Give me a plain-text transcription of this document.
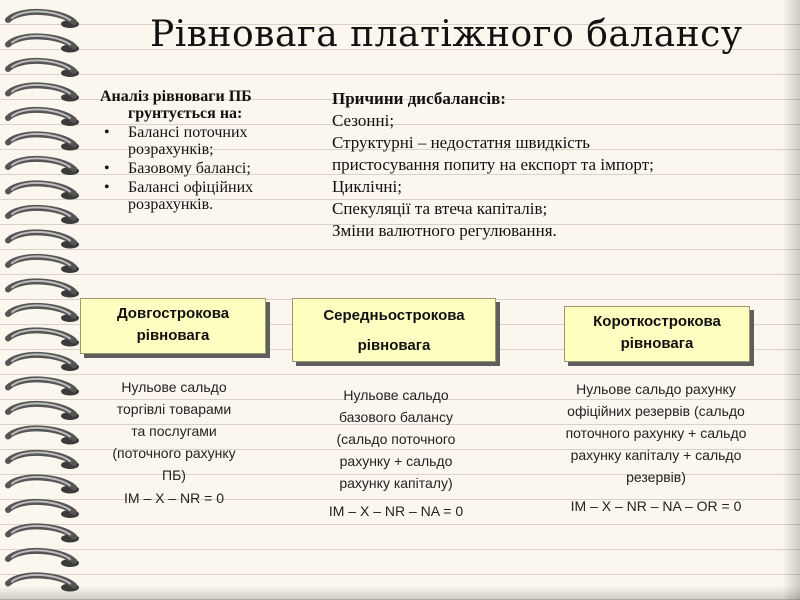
Рівновага платіжного балансу
Аналіз рівноваги ПБ
грунтується на:
• Балансі поточних розрахунків;
• Базовому балансі;
• Балансі офіційних розрахунків.
Причини дисбалансів:
Сезонні;
Структурні – недостатня швидкість
пристосування попиту на експорт та імпорт;
Циклічні;
Спекуляції та втеча капіталів;
Зміни валютного регулювання.
Довгострокова
рівновага
Середньострокова
рівновага
Короткострокова
рівновага
Нульове сальдо
торгівлі товарами
та послугами
(поточного рахунку
ПБ)
Нульове сальдо
базового балансу
(сальдо поточного
рахунку + сальдо
рахунку капіталу)
Нульове сальдо рахунку
офіційних резервів (сальдо
поточного рахунку + сальдо
рахунку капіталу + сальдо
резервів)
IM – X – NR = 0
IM – X – NR – NA = 0	IM – X – NR – NA – OR = 0
